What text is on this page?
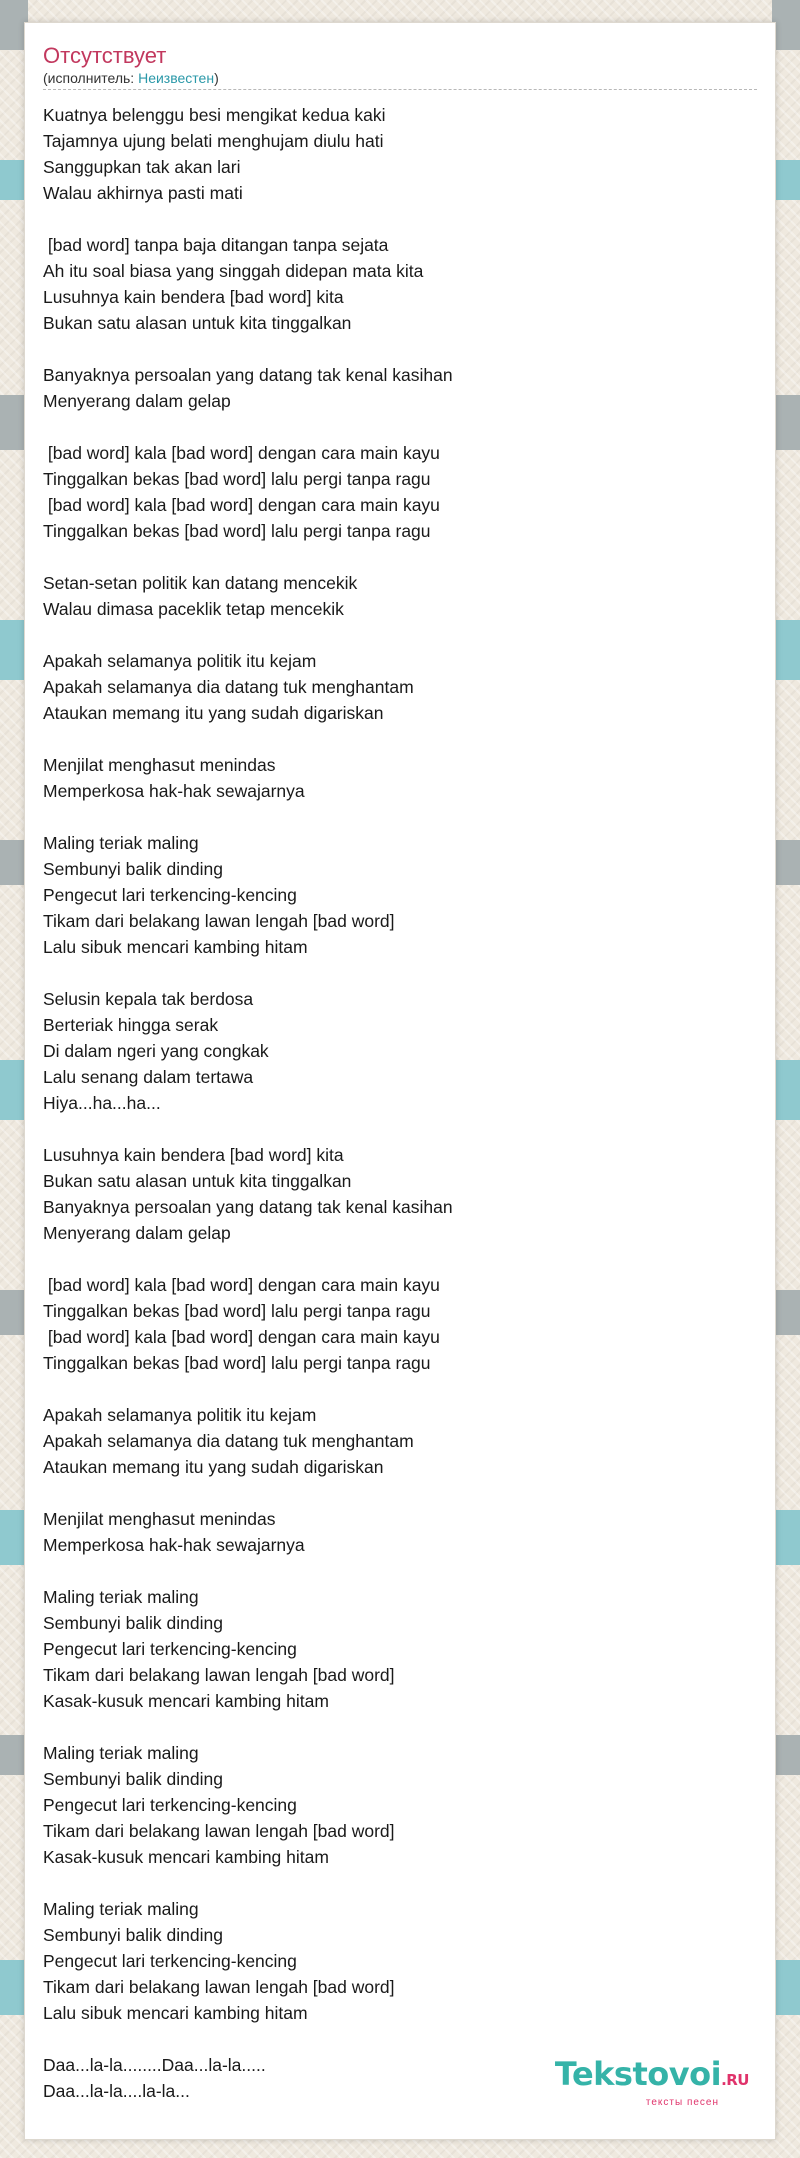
Отсутствует
(исполнитель: Неизвестен)
Kuatnya belenggu besi mengikat kedua kaki
Tajamnya ujung belati menghujam diulu hati
Sanggupkan tak akan lari
Walau akhirnya pasti mati
[bad word] tanpa baja ditangan tanpa sejata
Ah itu soal biasa yang singgah didepan mata kita
Lusuhnya kain bendera [bad word] kita
Bukan satu alasan untuk kita tinggalkan
Banyaknya persoalan yang datang tak kenal kasihan
Menyerang dalam gelap
[bad word] kala [bad word] dengan cara main kayu
Tinggalkan bekas [bad word] lalu pergi tanpa ragu
[bad word] kala [bad word] dengan cara main kayu
Tinggalkan bekas [bad word] lalu pergi tanpa ragu
Setan-setan politik kan datang mencekik
Walau dimasa paceklik tetap mencekik
Apakah selamanya politik itu kejam
Apakah selamanya dia datang tuk menghantam
Ataukan memang itu yang sudah digariskan
Menjilat menghasut menindas
Memperkosa hak-hak sewajarnya
Maling teriak maling
Sembunyi balik dinding
Pengecut lari terkencing-kencing
Tikam dari belakang lawan lengah [bad word]
Lalu sibuk mencari kambing hitam
Selusin kepala tak berdosa
Berteriak hingga serak
Di dalam ngeri yang congkak
Lalu senang dalam tertawa
Hiya...ha...ha...
Lusuhnya kain bendera [bad word] kita
Bukan satu alasan untuk kita tinggalkan
Banyaknya persoalan yang datang tak kenal kasihan
Menyerang dalam gelap
[bad word] kala [bad word] dengan cara main kayu
Tinggalkan bekas [bad word] lalu pergi tanpa ragu
[bad word] kala [bad word] dengan cara main kayu
Tinggalkan bekas [bad word] lalu pergi tanpa ragu
Apakah selamanya politik itu kejam
Apakah selamanya dia datang tuk menghantam
Ataukan memang itu yang sudah digariskan
Menjilat menghasut menindas
Memperkosa hak-hak sewajarnya
Maling teriak maling
Sembunyi balik dinding
Pengecut lari terkencing-kencing
Tikam dari belakang lawan lengah [bad word]
Kasak-kusuk mencari kambing hitam
Maling teriak maling
Sembunyi balik dinding
Pengecut lari terkencing-kencing
Tikam dari belakang lawan lengah [bad word]
Kasak-kusuk mencari kambing hitam
Maling teriak maling
Sembunyi balik dinding
Pengecut lari terkencing-kencing
Tikam dari belakang lawan lengah [bad word]
Lalu sibuk mencari kambing hitam
Daa...la-la........Daa...la-la.....
Daa...la-la....la-la...	Tekstovoi.RU
тексты песен
